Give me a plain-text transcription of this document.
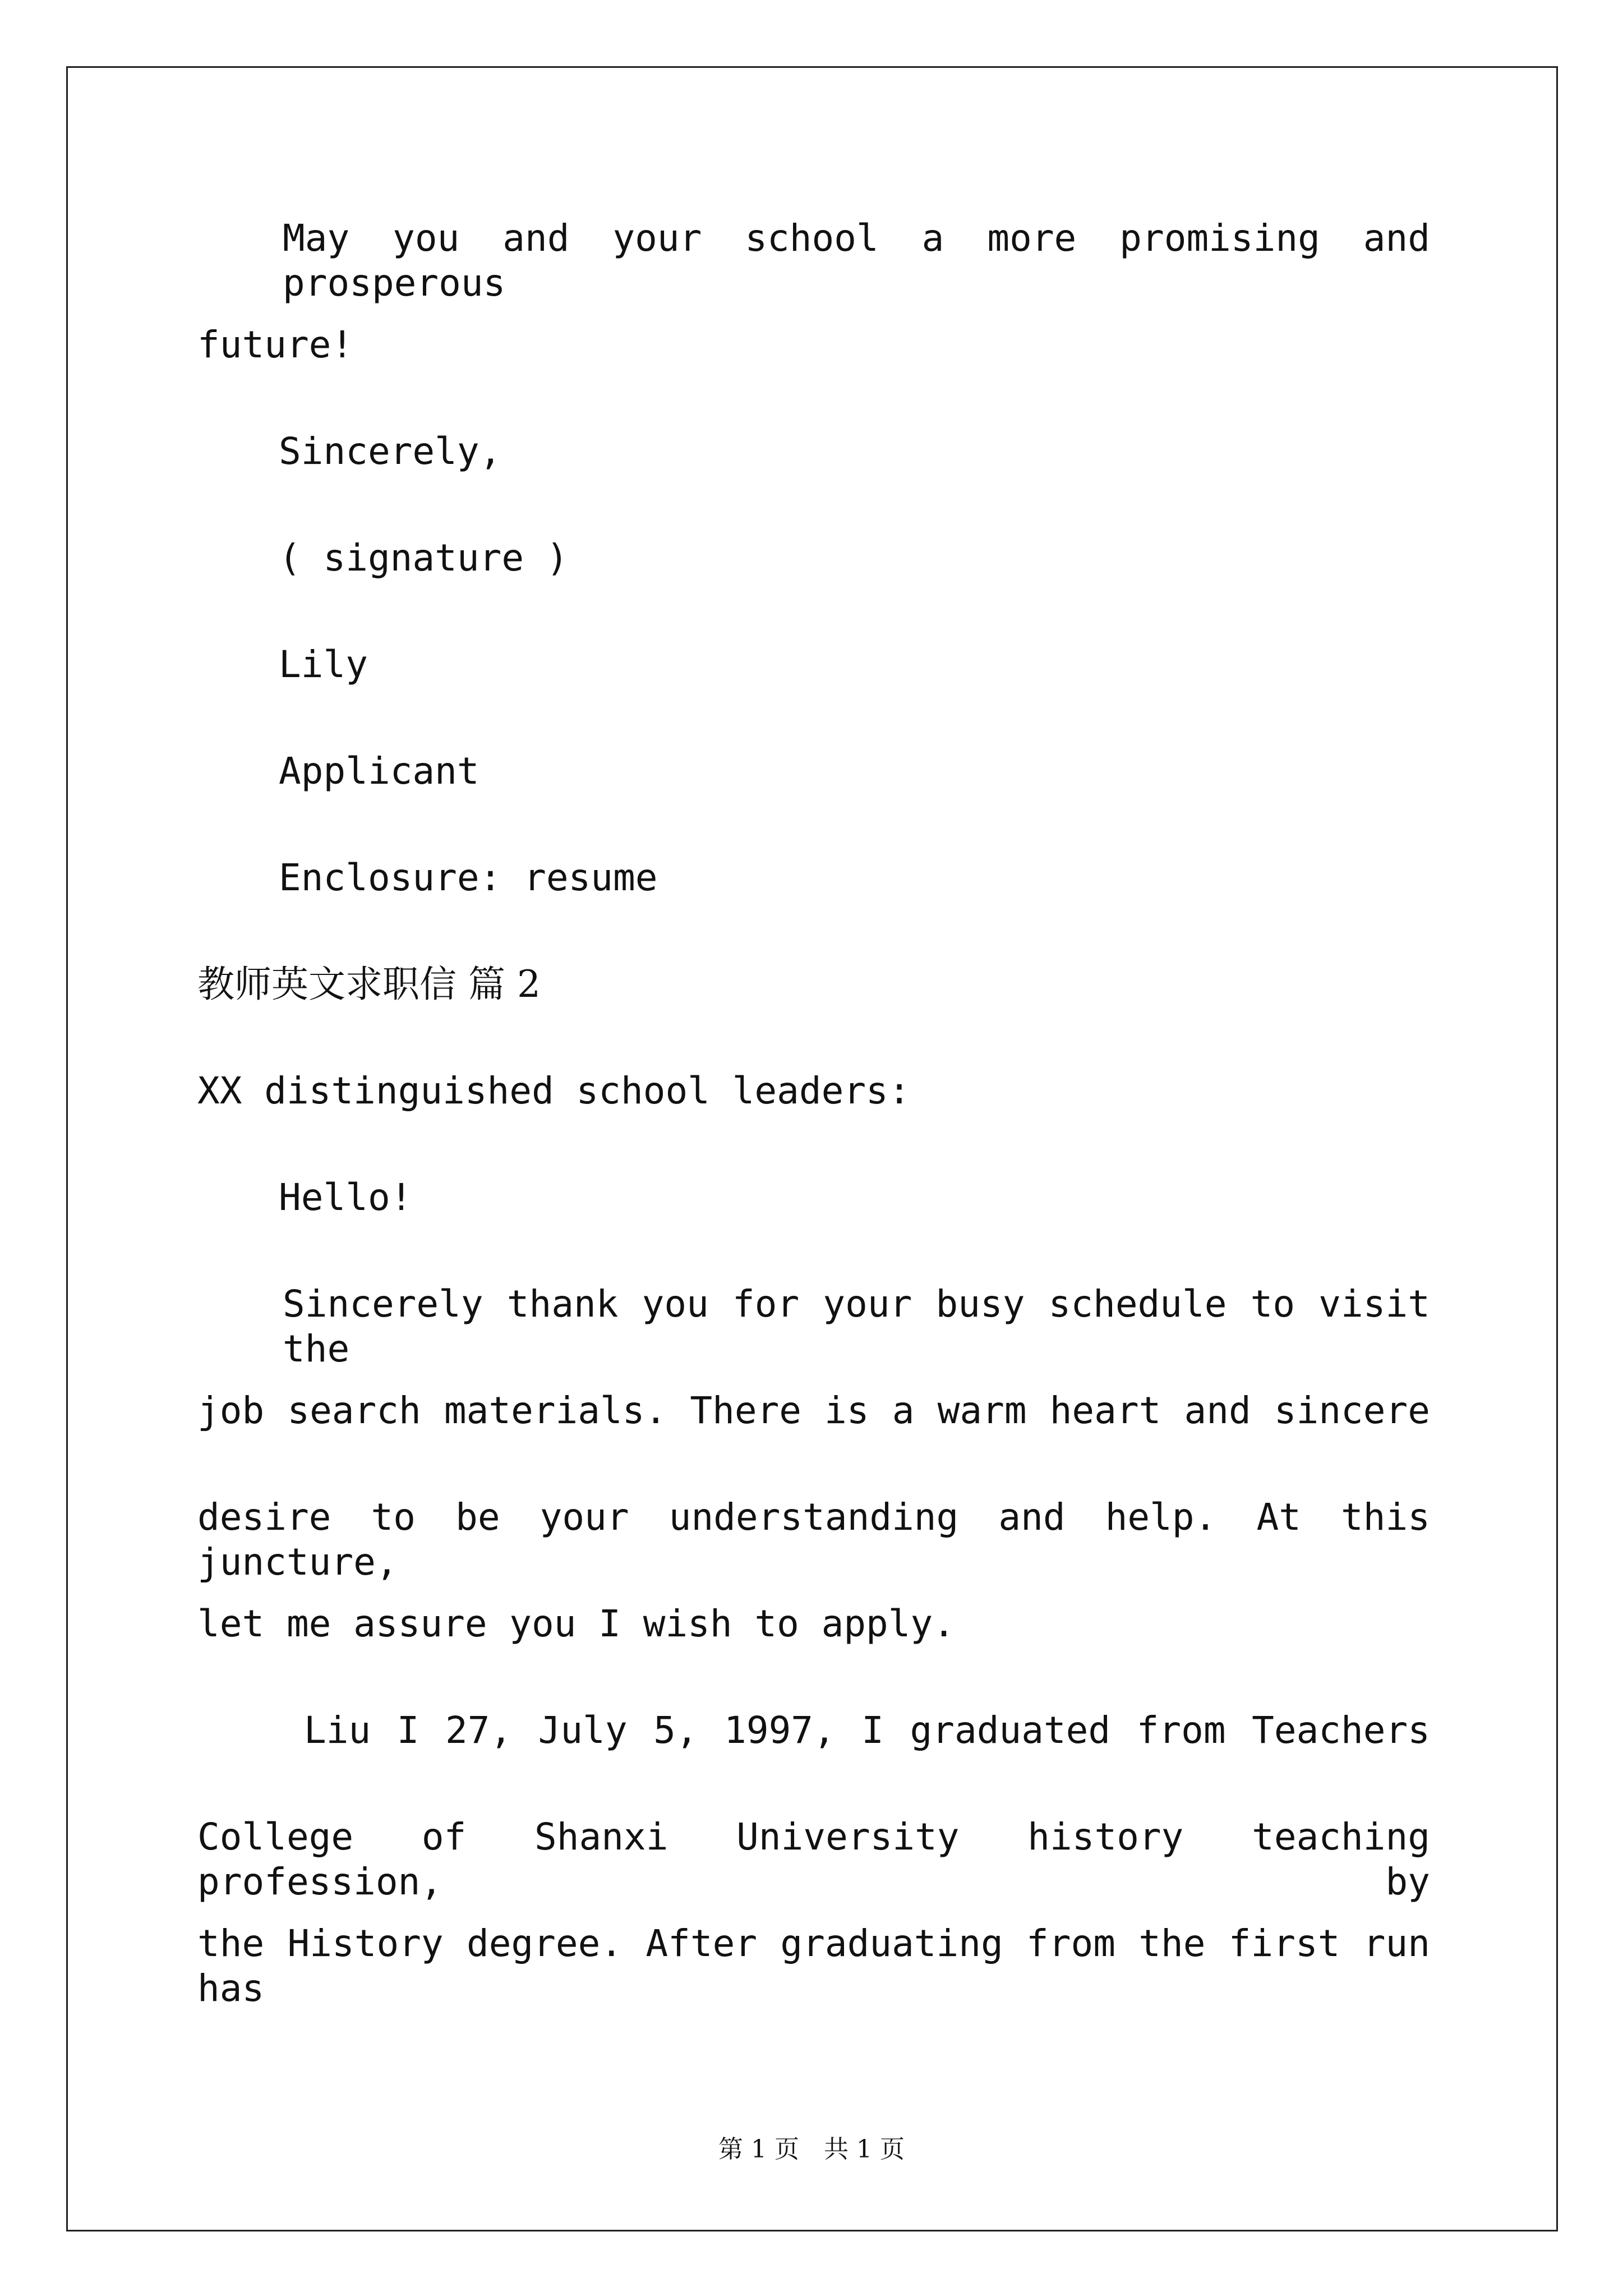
May you and your school a more promising and prosperous

future!

Sincerely,

( signature )

Lily

Applicant

Enclosure: resume

教师英文求职信 篇 2

XX distinguished school leaders:

Hello!

Sincerely thank you for your busy schedule to visit the

job search materials. There is a warm heart and sincere

desire to be your understanding and help. At this juncture,

let me assure you I wish to apply.

Liu I 27, July 5, 1997, I graduated from Teachers

College of Shanxi University history teaching profession, by

the History degree. After graduating from the first run has

第 1 页　共 1 页
